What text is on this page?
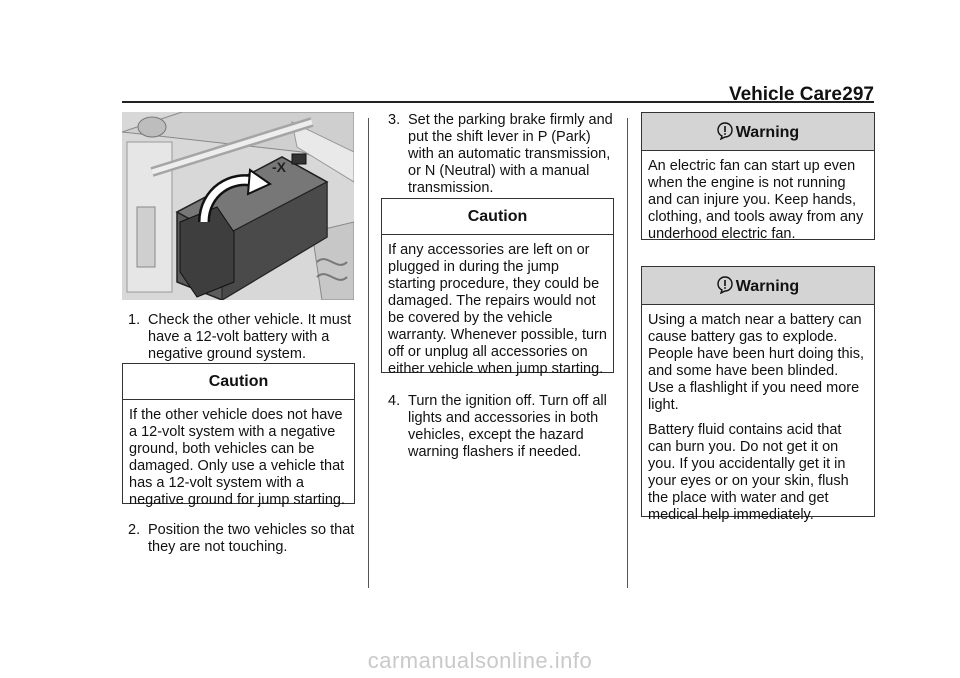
Vehicle Care 297
-X
1. Check the other vehicle. It must have a 12-volt battery with a negative ground system.
Caution
If the other vehicle does not have a 12-volt system with a negative ground, both vehicles can be damaged. Only use a vehicle that has a 12-volt system with a negative ground for jump starting.
2. Position the two vehicles so that they are not touching.
3. Set the parking brake firmly and put the shift lever in P (Park) with an automatic transmission, or N (Neutral) with a manual transmission.
Caution
If any accessories are left on or plugged in during the jump starting procedure, they could be damaged. The repairs would not be covered by the vehicle warranty. Whenever possible, turn off or unplug all accessories on either vehicle when jump starting.
4. Turn the ignition off. Turn off all lights and accessories in both vehicles, except the hazard warning flashers if needed.
Warning
An electric fan can start up even when the engine is not running and can injure you. Keep hands, clothing, and tools away from any underhood electric fan.
Warning

Using a match near a battery can cause battery gas to explode. People have been hurt doing this, and some have been blinded. Use a flashlight if you need more light.

Battery fluid contains acid that can burn you. Do not get it on you. If you accidentally get it in your eyes or on your skin, flush the place with water and get medical help immediately.

carmanualsonline.info
